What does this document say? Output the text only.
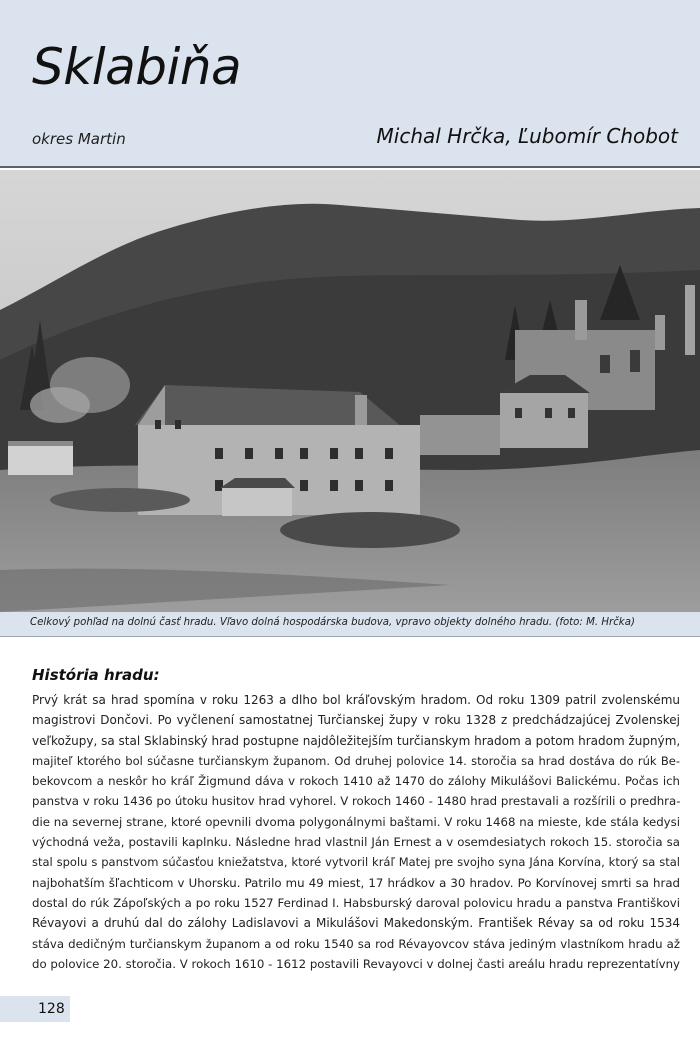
Sklabiňa
okres Martin	Michal Hrčka, Ľubomír Chobot
Celkový pohľad na dolnú časť hradu. Vľavo dolná hospodárska budova, vpravo objekty dolného hradu. (foto: M. Hrčka)
História hradu:
Prvý krát sa hrad spomína v roku 1263 a dlho bol kráľovským hradom. Od roku 1309 patril zvolenskému
magistrovi Dončovi. Po vyčlenení samostatnej Turčianskej župy v roku 1328 z predchádzajúcej Zvolenskej
veľkožupy, sa stal Sklabinský hrad postupne najdôležitejším turčianskym hradom a potom hradom župným,
majiteľ ktorého bol súčasne turčianskym županom. Od druhej polovice 14. storočia sa hrad dostáva do rúk Be-
bekovcom a neskôr ho kráľ Žigmund dáva v rokoch 1410 až 1470 do zálohy Mikulášovi Balickému. Počas ich
panstva v roku 1436 po útoku husitov hrad vyhorel. V rokoch 1460 - 1480 hrad prestavali a rozšírili o predhra-
die na severnej strane, ktoré opevnili dvoma polygonálnymi baštami. V roku 1468 na mieste, kde stála kedysi
východná veža, postavili kaplnku. Následne hrad vlastnil Ján Ernest a v osemdesiatych rokoch 15. storočia sa
stal spolu s panstvom súčasťou kniežatstva, ktoré vytvoril kráľ Matej pre svojho syna Jána Korvína, ktorý sa stal
najbohatším šľachticom v Uhorsku. Patrilo mu 49 miest, 17 hrádkov a 30 hradov. Po Korvínovej smrti sa hrad
dostal do rúk Zápoľských a po roku 1527 Ferdinad I. Habsburský daroval polovicu hradu a panstva Františkovi
Révayovi a druhú dal do zálohy Ladislavovi a Mikulášovi Makedonským. František Révay sa od roku 1534
stáva dedičným turčianskym županom a od roku 1540 sa rod Révayovcov stáva jediným vlastníkom hradu až
do polovice 20. storočia. V rokoch 1610 - 1612 postavili Revayovci v dolnej časti areálu hradu reprezentatívny
128
